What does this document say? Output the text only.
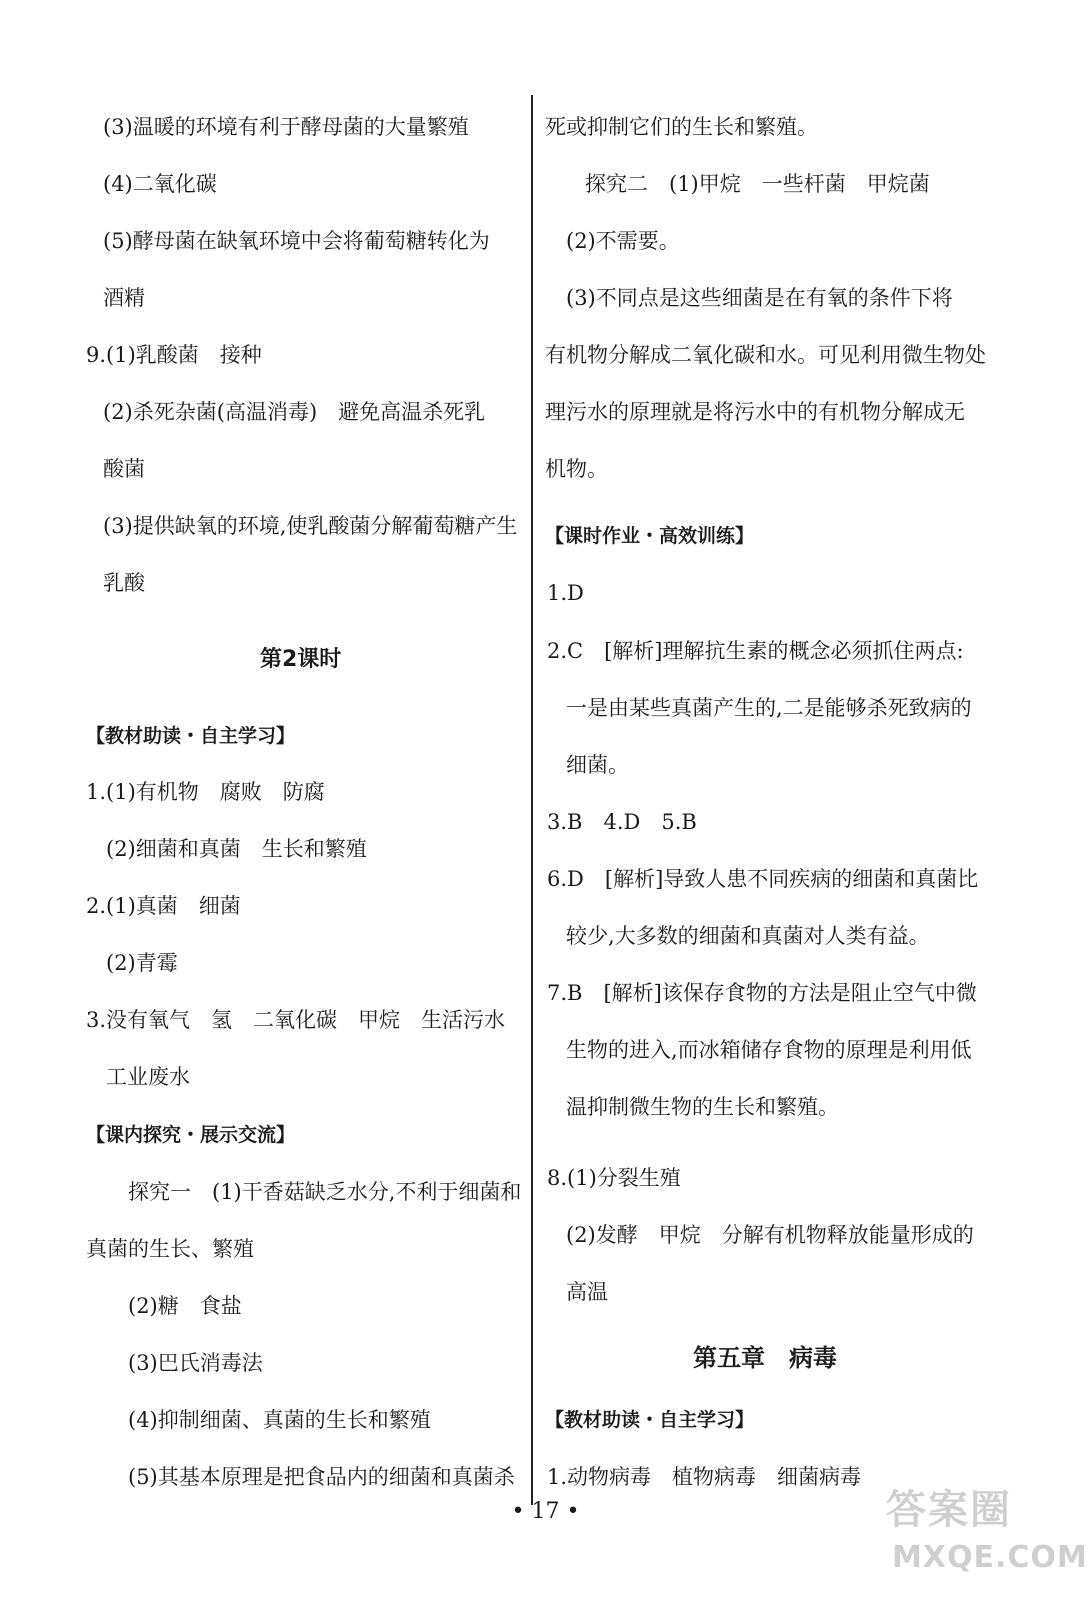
(3)温暖的环境有利于酵母菌的大量繁殖
(4)二氧化碳
(5)酵母菌在缺氧环境中会将葡萄糖转化为
酒精
9.(1)乳酸菌　接种
(2)杀死杂菌(高温消毒)　避免高温杀死乳
酸菌
(3)提供缺氧的环境,使乳酸菌分解葡萄糖产生
乳酸
第2课时
【教材助读・自主学习】
1.(1)有机物　腐败　防腐
(2)细菌和真菌　生长和繁殖
2.(1)真菌　细菌
(2)青霉
3.没有氧气　氢　二氧化碳　甲烷　生活污水
工业废水
【课内探究・展示交流】
探究一　(1)干香菇缺乏水分,不利于细菌和
真菌的生长、繁殖
(2)糖　食盐
(3)巴氏消毒法
(4)抑制细菌、真菌的生长和繁殖
(5)其基本原理是把食品内的细菌和真菌杀
死或抑制它们的生长和繁殖。
探究二　(1)甲烷　一些杆菌　甲烷菌
(2)不需要。
(3)不同点是这些细菌是在有氧的条件下将
有机物分解成二氧化碳和水。可见利用微生物处
理污水的原理就是将污水中的有机物分解成无
机物。
【课时作业・高效训练】
1.D
2.C　[解析]理解抗生素的概念必须抓住两点:
一是由某些真菌产生的,二是能够杀死致病的
细菌。
3.B　4.D　5.B
6.D　[解析]导致人患不同疾病的细菌和真菌比
较少,大多数的细菌和真菌对人类有益。
7.B　[解析]该保存食物的方法是阻止空气中微
生物的进入,而冰箱储存食物的原理是利用低
温抑制微生物的生长和繁殖。
8.(1)分裂生殖
(2)发酵　甲烷　分解有机物释放能量形成的
高温
第五章　病毒
【教材助读・自主学习】
1.动物病毒　植物病毒　细菌病毒
• 17 •	答案圈
MXQE.COM
